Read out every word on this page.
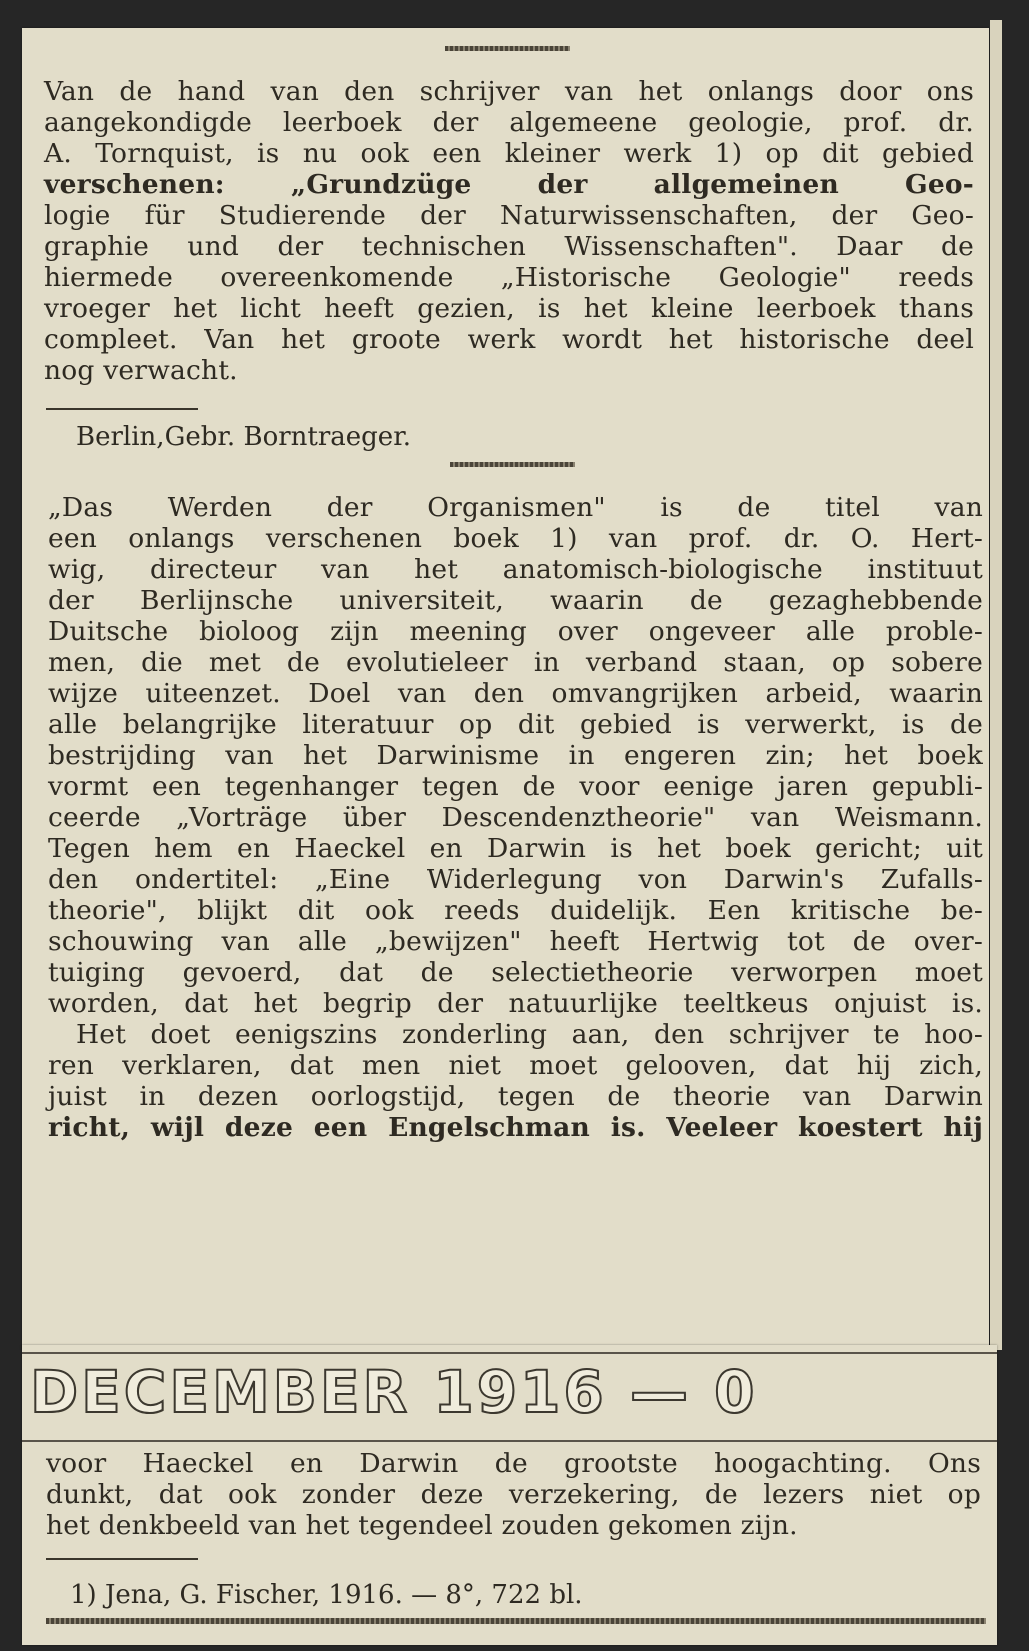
Van de hand van den schrijver van het onlangs door ons
aangekondigde leerboek der algemeene geologie, prof. dr.
A. Tornquist, is nu ook een kleiner werk 1) op dit gebied
verschenen: „Grundzüge der allgemeinen Geo-
logie für Studierende der Naturwissenschaften, der Geo-
graphie und der technischen Wissenschaften". Daar de
hiermede overeenkomende „Historische Geologie" reeds
vroeger het licht heeft gezien, is het kleine leerboek thans
compleet. Van het groote werk wordt het historische deel
nog verwacht.

Berlin,Gebr. Borntraeger.

„Das Werden der Organismen" is de titel van
een onlangs verschenen boek 1) van prof. dr. O. Hert-
wig, directeur van het anatomisch-biologische instituut
der Berlijnsche universiteit, waarin de gezaghebbende
Duitsche bioloog zijn meening over ongeveer alle proble-
men, die met de evolutieleer in verband staan, op sobere
wijze uiteenzet. Doel van den omvangrijken arbeid, waarin
alle belangrijke literatuur op dit gebied is verwerkt, is de
bestrijding van het Darwinisme in engeren zin; het boek
vormt een tegenhanger tegen de voor eenige jaren gepubli-
ceerde „Vorträge über Descendenztheorie" van Weismann.
Tegen hem en Haeckel en Darwin is het boek gericht; uit
den ondertitel: „Eine Widerlegung von Darwin's Zufalls-
theorie", blijkt dit ook reeds duidelijk. Een kritische be-
schouwing van alle „bewijzen" heeft Hertwig tot de over-
tuiging gevoerd, dat de selectietheorie verworpen moet
worden, dat het begrip der natuurlijke teeltkeus onjuist is.
Het doet eenigszins zonderling aan, den schrijver te hoo-
ren verklaren, dat men niet moet gelooven, dat hij zich,
juist in dezen oorlogstijd, tegen de theorie van Darwin
richt, wijl deze een Engelschman is. Veeleer koestert hij

DECEMBER 1916 — 0

voor Haeckel en Darwin de grootste hoogachting. Ons
dunkt, dat ook zonder deze verzekering, de lezers niet op
het denkbeeld van het tegendeel zouden gekomen zijn.

1) Jena, G. Fischer, 1916. — 8°, 722 bl.
